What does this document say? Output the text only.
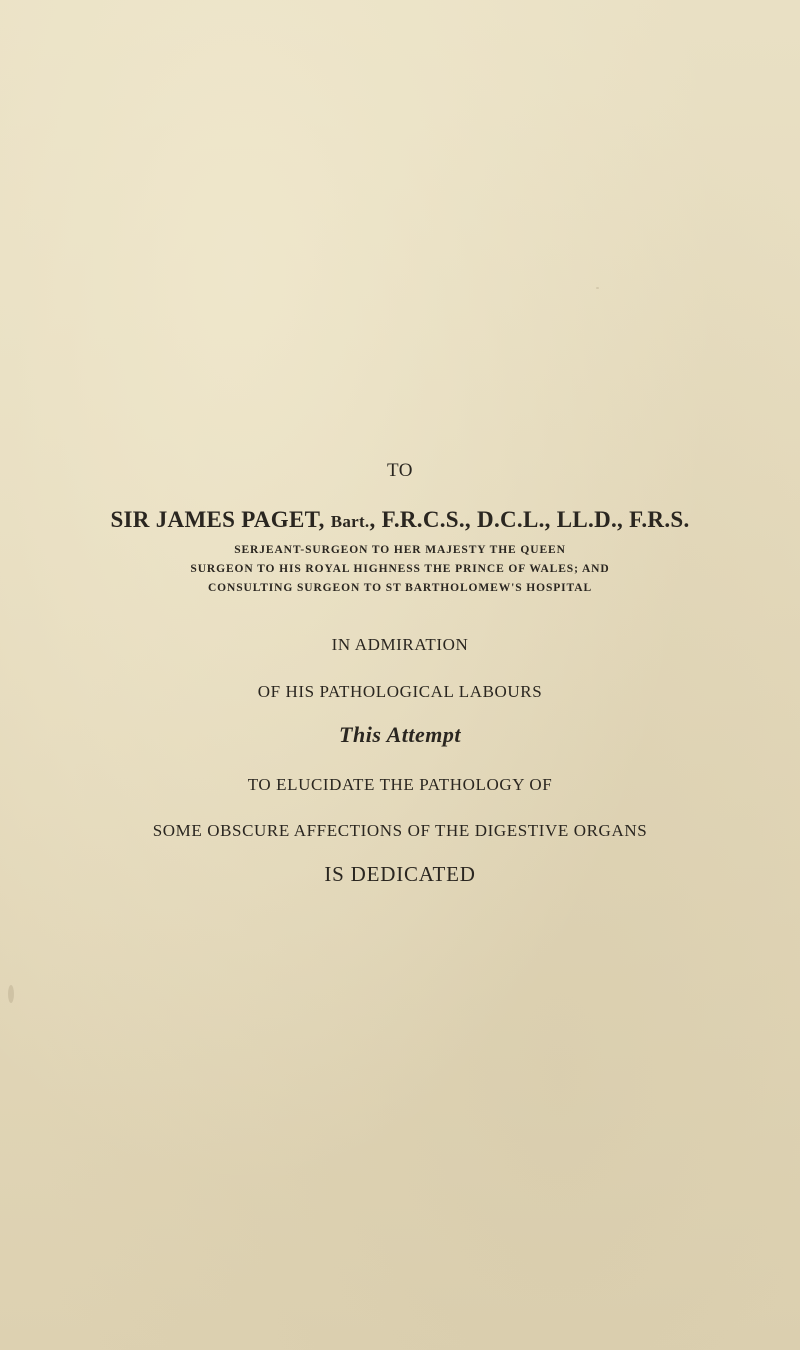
TO
SIR JAMES PAGET, Bart., F.R.C.S., D.C.L., LL.D., F.R.S.
SERJEANT-SURGEON TO HER MAJESTY THE QUEEN
SURGEON TO HIS ROYAL HIGHNESS THE PRINCE OF WALES; AND
CONSULTING SURGEON TO ST BARTHOLOMEW'S HOSPITAL
IN ADMIRATION
OF HIS PATHOLOGICAL LABOURS
This Attempt
TO ELUCIDATE THE PATHOLOGY OF
SOME OBSCURE AFFECTIONS OF THE DIGESTIVE ORGANS
IS DEDICATED
